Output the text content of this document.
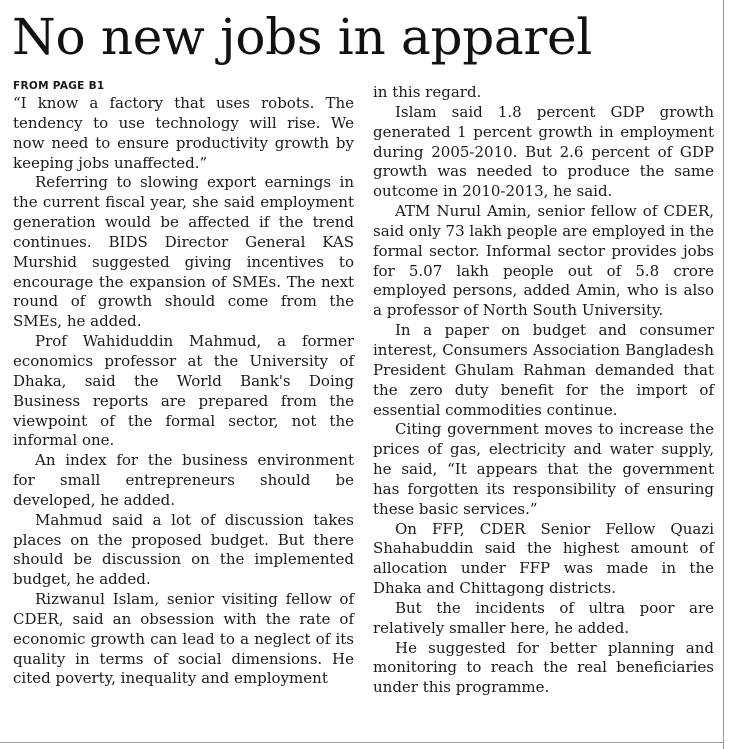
No new jobs in apparel
FROM PAGE B1

“I know a factory that uses robots. The tendency to use technology will rise. We now need to ensure productivity growth by keeping jobs unaffected.”

Referring to slowing export earnings in the current fiscal year, she said employment generation would be affected if the trend continues. BIDS Director General KAS Murshid suggested giving incentives to encourage the expansion of SMEs. The next round of growth should come from the SMEs, he added.

Prof Wahiduddin Mahmud, a former economics professor at the University of Dhaka, said the World Bank's Doing Business reports are prepared from the viewpoint of the formal sector, not the informal one.

An index for the business environment for small entrepreneurs should be developed, he added.

Mahmud said a lot of discussion takes places on the proposed budget. But there should be discussion on the implemented budget, he added.

Rizwanul Islam, senior visiting fellow of CDER, said an obsession with the rate of economic growth can lead to a neglect of its quality in terms of social dimensions. He cited poverty, inequality and employment

in this regard.

Islam said 1.8 percent GDP growth generated 1 percent growth in employment during 2005-2010. But 2.6 percent of GDP growth was needed to produce the same outcome in 2010-2013, he said.

ATM Nurul Amin, senior fellow of CDER, said only 73 lakh people are employed in the formal sector. Informal sector provides jobs for 5.07 lakh people out of 5.8 crore employed persons, added Amin, who is also a professor of North South University.

In a paper on budget and consumer interest, Consumers Association Bangladesh President Ghulam Rahman demanded that the zero duty benefit for the import of essential commodities continue.

Citing government moves to increase the prices of gas, electricity and water supply, he said, “It appears that the government has forgotten its responsibility of ensuring these basic services.”

On FFP, CDER Senior Fellow Quazi Shahabuddin said the highest amount of allocation under FFP was made in the Dhaka and Chittagong districts.

But the incidents of ultra poor are relatively smaller here, he added.

He suggested for better planning and monitoring to reach the real beneficiaries under this programme.
